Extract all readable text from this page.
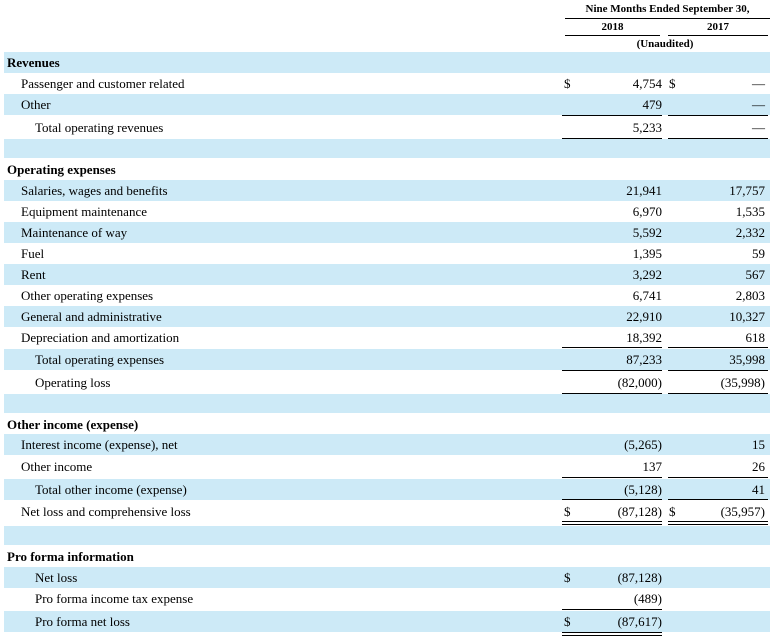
Nine Months Ended September 30,
2018	2017
(Unaudited)
Revenues
Passenger and customer related	$	4,754 $	—
Other	479	—
Total operating revenues	5,233	—
Operating expenses
Salaries, wages and benefits	21,941	17,757
Equipment maintenance	6,970	1,535
Maintenance of way	5,592	2,332
Fuel	1,395	59
Rent	3,292	567
Other operating expenses	6,741	2,803
General and administrative	22,910	10,327
Depreciation and amortization	18,392	618
Total operating expenses	87,233	35,998
Operating loss	(82,000)	(35,998)
Other income (expense)
Interest income (expense), net	(5,265)	15
Other income	137	26
Total other income (expense)	(5,128)	41
Net loss and comprehensive loss	$	(87,128) $	(35,957)
Pro forma information
Net loss	$	(87,128)
Pro forma income tax expense	(489)
Pro forma net loss	$	(87,617)
